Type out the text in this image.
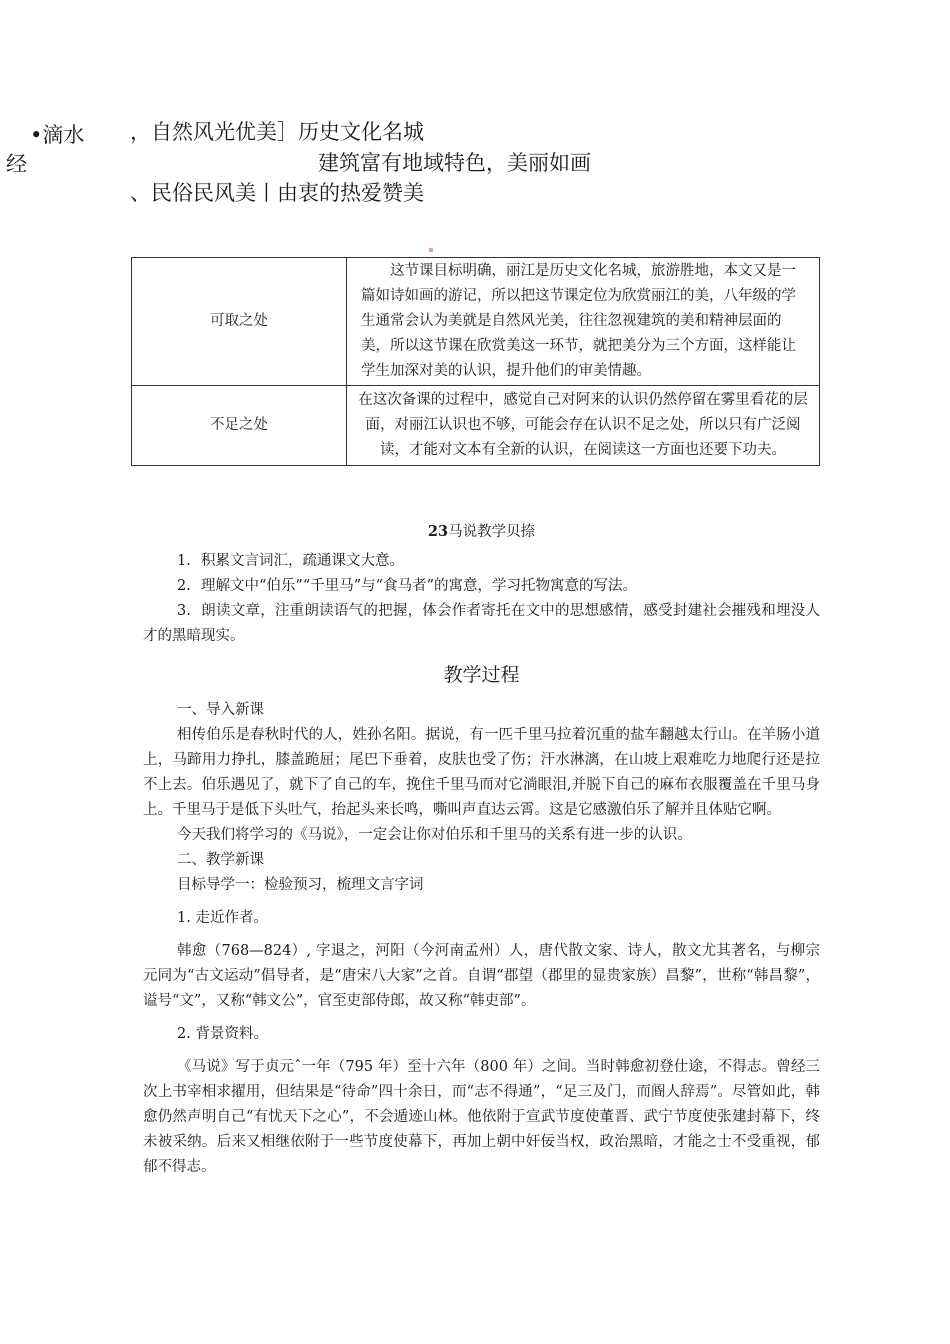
•滴水
经
，自然风光优美］历史文化名城
建筑富有地域特色，美丽如画
、民俗民风美丨由衷的热爱赞美
可取之处	这节课目标明确，丽江是历史文化名城，旅游胜地，本文又是一篇如诗如画的游记，所以把这节课定位为欣赏丽江的美，八年级的学生通常会认为美就是自然风光美，往往忽视建筑的美和精神层面的美，所以这节课在欣赏美这一环节，就把美分为三个方面，这样能让学生加深对美的认识，提升他们的审美情趣。
不足之处	在这次备课的过程中，感觉自己对阿来的认识仍然停留在雾里看花的层面，对丽江认识也不够，可能会存在认识不足之处，所以只有广泛阅读，才能对文本有全新的认识，在阅读这一方面也还要下功夫。

23马说教学贝捺

1. 积累文言词汇，疏通课文大意。

2. 理解文中“伯乐”“千里马”与“食马者”的寓意，学习托物寓意的写法。

3. 朗读文章，注重朗读语气的把握，体会作者寄托在文中的思想感情，感受封建社会摧残和埋没人才的黑暗现实。

教学过程

一、导入新课

相传伯乐是春秋时代的人，姓孙名阳。据说，有一匹千里马拉着沉重的盐车翻越太行山。在羊肠小道上，马蹄用力挣扎，膝盖跪屈；尾巴下垂着，皮肤也受了伤；汗水淋漓，在山坡上艰难吃力地爬行还是拉不上去。伯乐遇见了，就下了自己的车，挽住千里马而对它淌眼泪,并脱下自己的麻布衣服覆盖在千里马身上。千里马于是低下头吐气，抬起头来长鸣，嘶叫声直达云霄。这是它感激伯乐了解并且体贴它啊。

今天我们将学习的《马说》，一定会让你对伯乐和千里马的关系有进一步的认识。

二、教学新课

目标导学一：检验预习，梳理文言字词

1. 走近作者。

韩愈（768—824）, 字退之，河阳（今河南孟州）人，唐代散文家、诗人，散文尤其著名，与柳宗元同为“古文运动”倡导者，是“唐宋八大家”之首。自谓“郡望（郡里的显贵家族）昌黎”，世称“韩昌黎”，谥号“文”，又称“韩文公”，官至吏部侍郎，故又称“韩吏部”。

2. 背景资料。

《马说》写于贞元ˆ一年（795 年）至十六年（800 年）之间。当时韩愈初登仕途，不得志。曾经三次上书宰相求擢用，但结果是“待命”四十余日，而“志不得通”，“足三及门，而阍人辞焉”。尽管如此，韩愈仍然声明自己“有忧天下之心”，不会遁迹山林。他依附于宣武节度使董晋、武宁节度使张建封幕下，终未被采纳。后来又相继依附于一些节度使幕下，再加上朝中奸佞当权，政治黑暗，才能之士不受重视，郁郁不得志。
